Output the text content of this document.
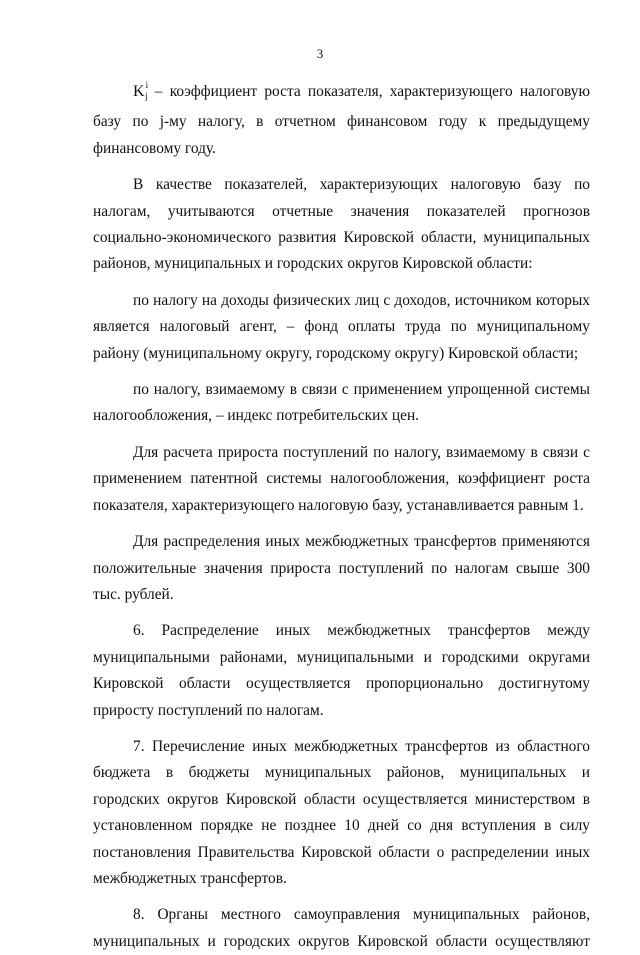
3

$K^ij$ – коэффициент роста показателя, характеризующего налоговую базу по j-му налогу, в отчетном финансовом году к предыдущему финансовому году.

В качестве показателей, характеризующих налоговую базу по налогам, учитываются отчетные значения показателей прогнозов социально-экономического развития Кировской области, муниципальных районов, муниципальных и городских округов Кировской области:

по налогу на доходы физических лиц с доходов, источником которых является налоговый агент, – фонд оплаты труда по муниципальному району (муниципальному округу, городскому округу) Кировской области;

по налогу, взимаемому в связи с применением упрощенной системы налогообложения, – индекс потребительских цен.

Для расчета прироста поступлений по налогу, взимаемому в связи с применением патентной системы налогообложения, коэффициент роста показателя, характеризующего налоговую базу, устанавливается равным 1.

Для распределения иных межбюджетных трансфертов применяются положительные значения прироста поступлений по налогам свыше 300 тыс. рублей.

6. Распределение иных межбюджетных трансфертов между муниципальными районами, муниципальными и городскими округами Кировской области осуществляется пропорционально достигнутому приросту поступлений по налогам.

7. Перечисление иных межбюджетных трансфертов из областного бюджета в бюджеты муниципальных районов, муниципальных и городских округов Кировской области осуществляется министерством в установленном порядке не позднее 10 дней со дня вступления в силу постановления Правительства Кировской области о распределении иных межбюджетных трансфертов.

8. Органы местного самоуправления муниципальных районов, муниципальных и городских округов Кировской области осуществляют
